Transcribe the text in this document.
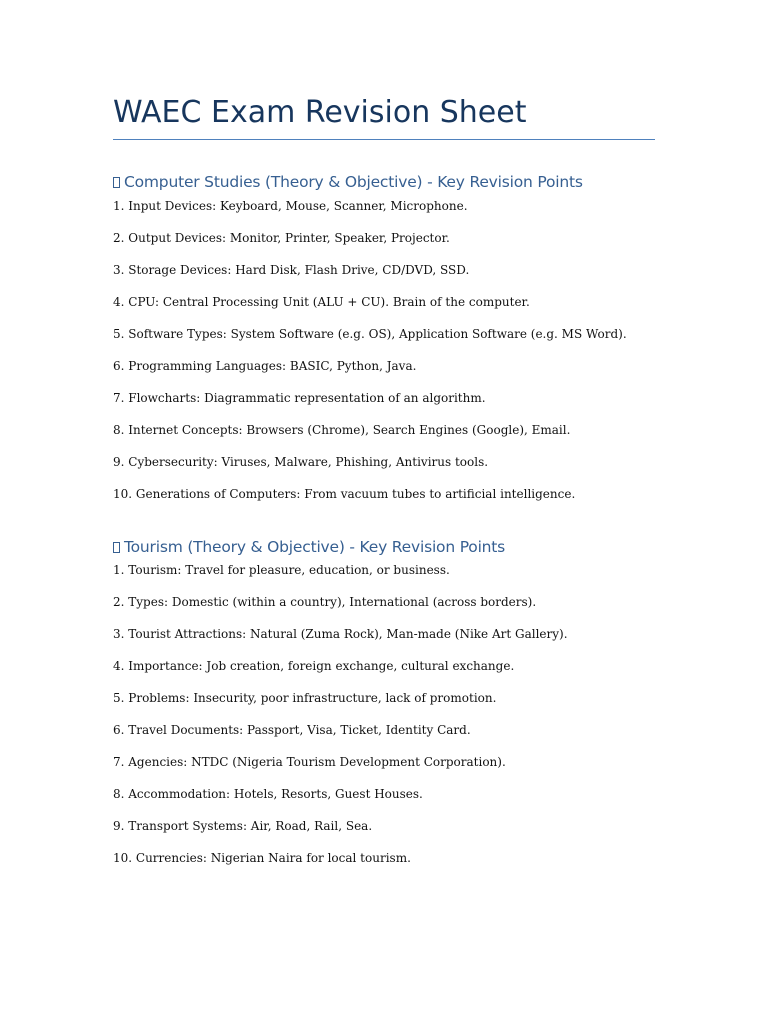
WAEC Exam Revision Sheet
Computer Studies (Theory & Objective) - Key Revision Points
1. Input Devices: Keyboard, Mouse, Scanner, Microphone.
2. Output Devices: Monitor, Printer, Speaker, Projector.
3. Storage Devices: Hard Disk, Flash Drive, CD/DVD, SSD.
4. CPU: Central Processing Unit (ALU + CU). Brain of the computer.
5. Software Types: System Software (e.g. OS), Application Software (e.g. MS Word).
6. Programming Languages: BASIC, Python, Java.
7. Flowcharts: Diagrammatic representation of an algorithm.
8. Internet Concepts: Browsers (Chrome), Search Engines (Google), Email.
9. Cybersecurity: Viruses, Malware, Phishing, Antivirus tools.
10. Generations of Computers: From vacuum tubes to artificial intelligence.
Tourism (Theory & Objective) - Key Revision Points
1. Tourism: Travel for pleasure, education, or business.
2. Types: Domestic (within a country), International (across borders).
3. Tourist Attractions: Natural (Zuma Rock), Man-made (Nike Art Gallery).
4. Importance: Job creation, foreign exchange, cultural exchange.
5. Problems: Insecurity, poor infrastructure, lack of promotion.
6. Travel Documents: Passport, Visa, Ticket, Identity Card.
7. Agencies: NTDC (Nigeria Tourism Development Corporation).
8. Accommodation: Hotels, Resorts, Guest Houses.
9. Transport Systems: Air, Road, Rail, Sea.
10. Currencies: Nigerian Naira for local tourism.
